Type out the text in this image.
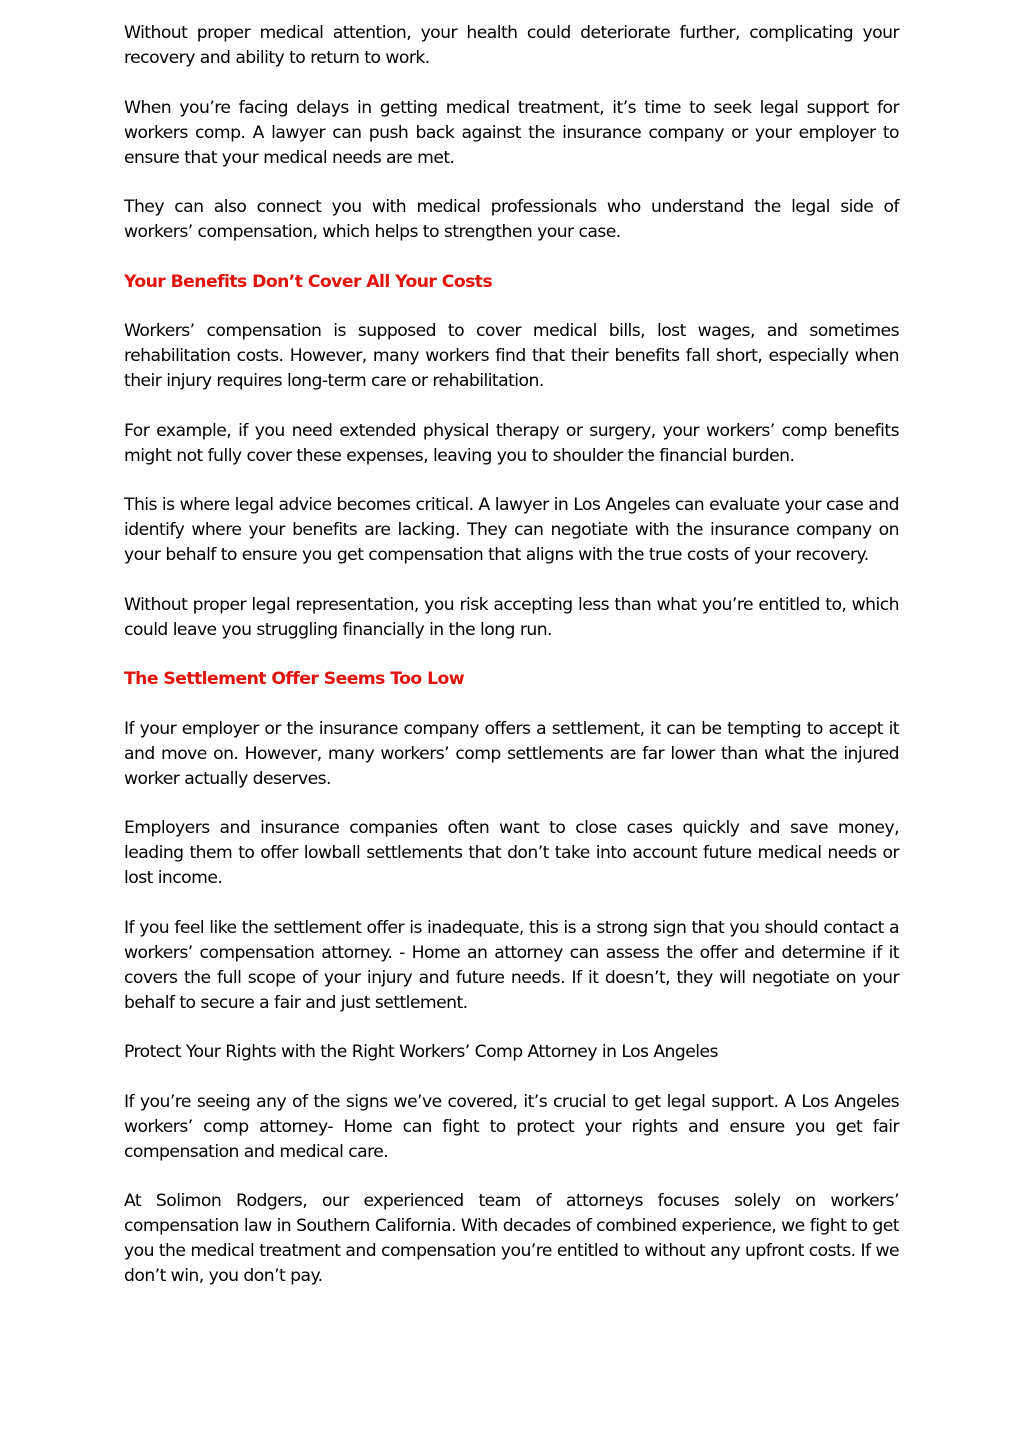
Without proper medical attention, your health could deteriorate further, complicating your recovery and ability to return to work.

When you’re facing delays in getting medical treatment, it’s time to seek legal support for workers comp. A lawyer can push back against the insurance company or your employer to ensure that your medical needs are met.

They can also connect you with medical professionals who understand the legal side of workers’ compensation, which helps to strengthen your case.

Your Benefits Don’t Cover All Your Costs

Workers’ compensation is supposed to cover medical bills, lost wages, and sometimes rehabilitation costs. However, many workers find that their benefits fall short, especially when their injury requires long-term care or rehabilitation.

For example, if you need extended physical therapy or surgery, your workers’ comp benefits might not fully cover these expenses, leaving you to shoulder the financial burden.

This is where legal advice becomes critical. A lawyer in Los Angeles can evaluate your case and identify where your benefits are lacking. They can negotiate with the insurance company on your behalf to ensure you get compensation that aligns with the true costs of your recovery.

Without proper legal representation, you risk accepting less than what you’re entitled to, which could leave you struggling financially in the long run.

The Settlement Offer Seems Too Low

If your employer or the insurance company offers a settlement, it can be tempting to accept it and move on. However, many workers’ comp settlements are far lower than what the injured worker actually deserves.

Employers and insurance companies often want to close cases quickly and save money, leading them to offer lowball settlements that don’t take into account future medical needs or lost income.

If you feel like the settlement offer is inadequate, this is a strong sign that you should contact a workers’ compensation attorney. - Home an attorney can assess the offer and determine if it covers the full scope of your injury and future needs. If it doesn’t, they will negotiate on your behalf to secure a fair and just settlement.

Protect Your Rights with the Right Workers’ Comp Attorney in Los Angeles

If you’re seeing any of the signs we’ve covered, it’s crucial to get legal support. A Los Angeles workers’ comp attorney- Home can fight to protect your rights and ensure you get fair compensation and medical care.

At Solimon Rodgers, our experienced team of attorneys focuses solely on workers’ compensation law in Southern California. With decades of combined experience, we fight to get you the medical treatment and compensation you’re entitled to without any upfront costs. If we don’t win, you don’t pay.
